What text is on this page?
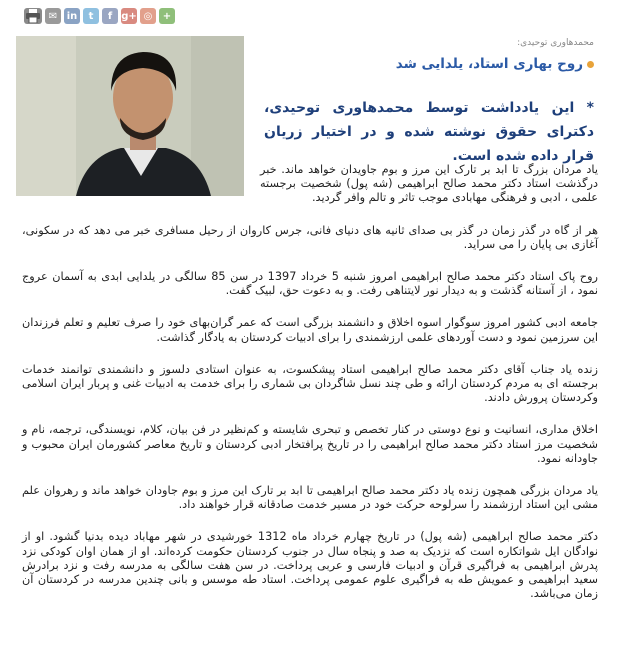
✉ in t f g+ ◎ +
محمدهاوری توحیدی:
روح بهاری استاد، یلدایی شد
* این یادداشت توسط محمدهاوری توحیدی، دکترای حقوق نوشته شده و در اختیار زریان قرار داده شده است.

یاد مردان بزرگ تا ابد بر تارک این مرز و بوم جاویدان خواهد ماند. خبر درگذشت استاد دکتر محمد صالح ابراهیمی (شه پول) شخصیت برجسته علمی ، ادبی و فرهنگی مهابادی موجب تاثر و تالم وافر گردید.

هر از گاه در گذر زمان در گذر بی صدای ثانیه های دنیای فانی، جرس کاروان از رحیل مسافری خبر می دهد که در سکونی، آغازی بی پایان را می سراید.

روح پاک استاد دکتر محمد صالح ابراهیمی امروز شنبه 5 خرداد 1397 در سن 85 سالگی در یلدایی ابدی به آسمان عروج نمود ، از آستانه گذشت و به دیدار نور لایتناهی رفت. و به دعوت حق، لبیک گفت.

جامعه ادبی کشور امروز سوگوار اسوه اخلاق و دانشمند بزرگی است که عمر گران‌بهای خود را صرف تعلیم و تعلم فرزندان این سرزمین نمود و دست آوردهای علمی ارزشمندی را برای ادبیات کردستان به یادگار گذاشت.

زنده یاد جناب آقای دکتر محمد صالح ابراهیمی استاد پیشکسوت، به عنوان استادی دلسوز و دانشمندی توانمند خدمات برجسته ای به مردم کردستان ارائه و طی چند نسل شاگردان بی شماری را برای خدمت به ادبیات غنی و پربار ایران اسلامی وکردستان پرورش دادند.

اخلاق مداری، انسانیت و نوع دوستی در کنار تخصص و تبحری شایسته و کم‌نظیر در فن بیان، کلام، نویسندگی، ترجمه، نام و شخصیت مرز استاد دکتر محمد صالح ابراهیمی را در تاریخ پرافتخار ادبی کردستان و تاریخ معاصر کشورمان ایران محبوب و جاودانه نمود.

یاد مردان بزرگی همچون زنده یاد دکتر محمد صالح ابراهیمی تا ابد بر تارک این مرز و بوم جاودان خواهد ماند و رهروان علم مشی این استاد ارزشمند را سرلوحه حرکت خود در مسیر خدمت صادقانه قرار خواهند داد.

دکتر محمد صالح ابراهیمی (شه پول) در تاریخ چهارم خرداد ماه 1312 خورشیدی در شهر مهاباد دیده بدنیا گشود. او از نوادگان ایل شواتکاره است که نزدیک به صد و پنجاه سال در جنوب کردستان حکومت کرده‌اند. او از همان اوان کودکی نزد پدرش ابراهیمی به فراگیری قرآن و ادبیات فارسی و عربی پرداخت. در سن هفت سالگی به مدرسه رفت و نزد برادرش سعید ابراهیمی و عمویش طه به فراگیری علوم عمومی پرداخت. استاد طه موسس و بانی چندین مدرسه در کردستان آن زمان می‌باشد.
